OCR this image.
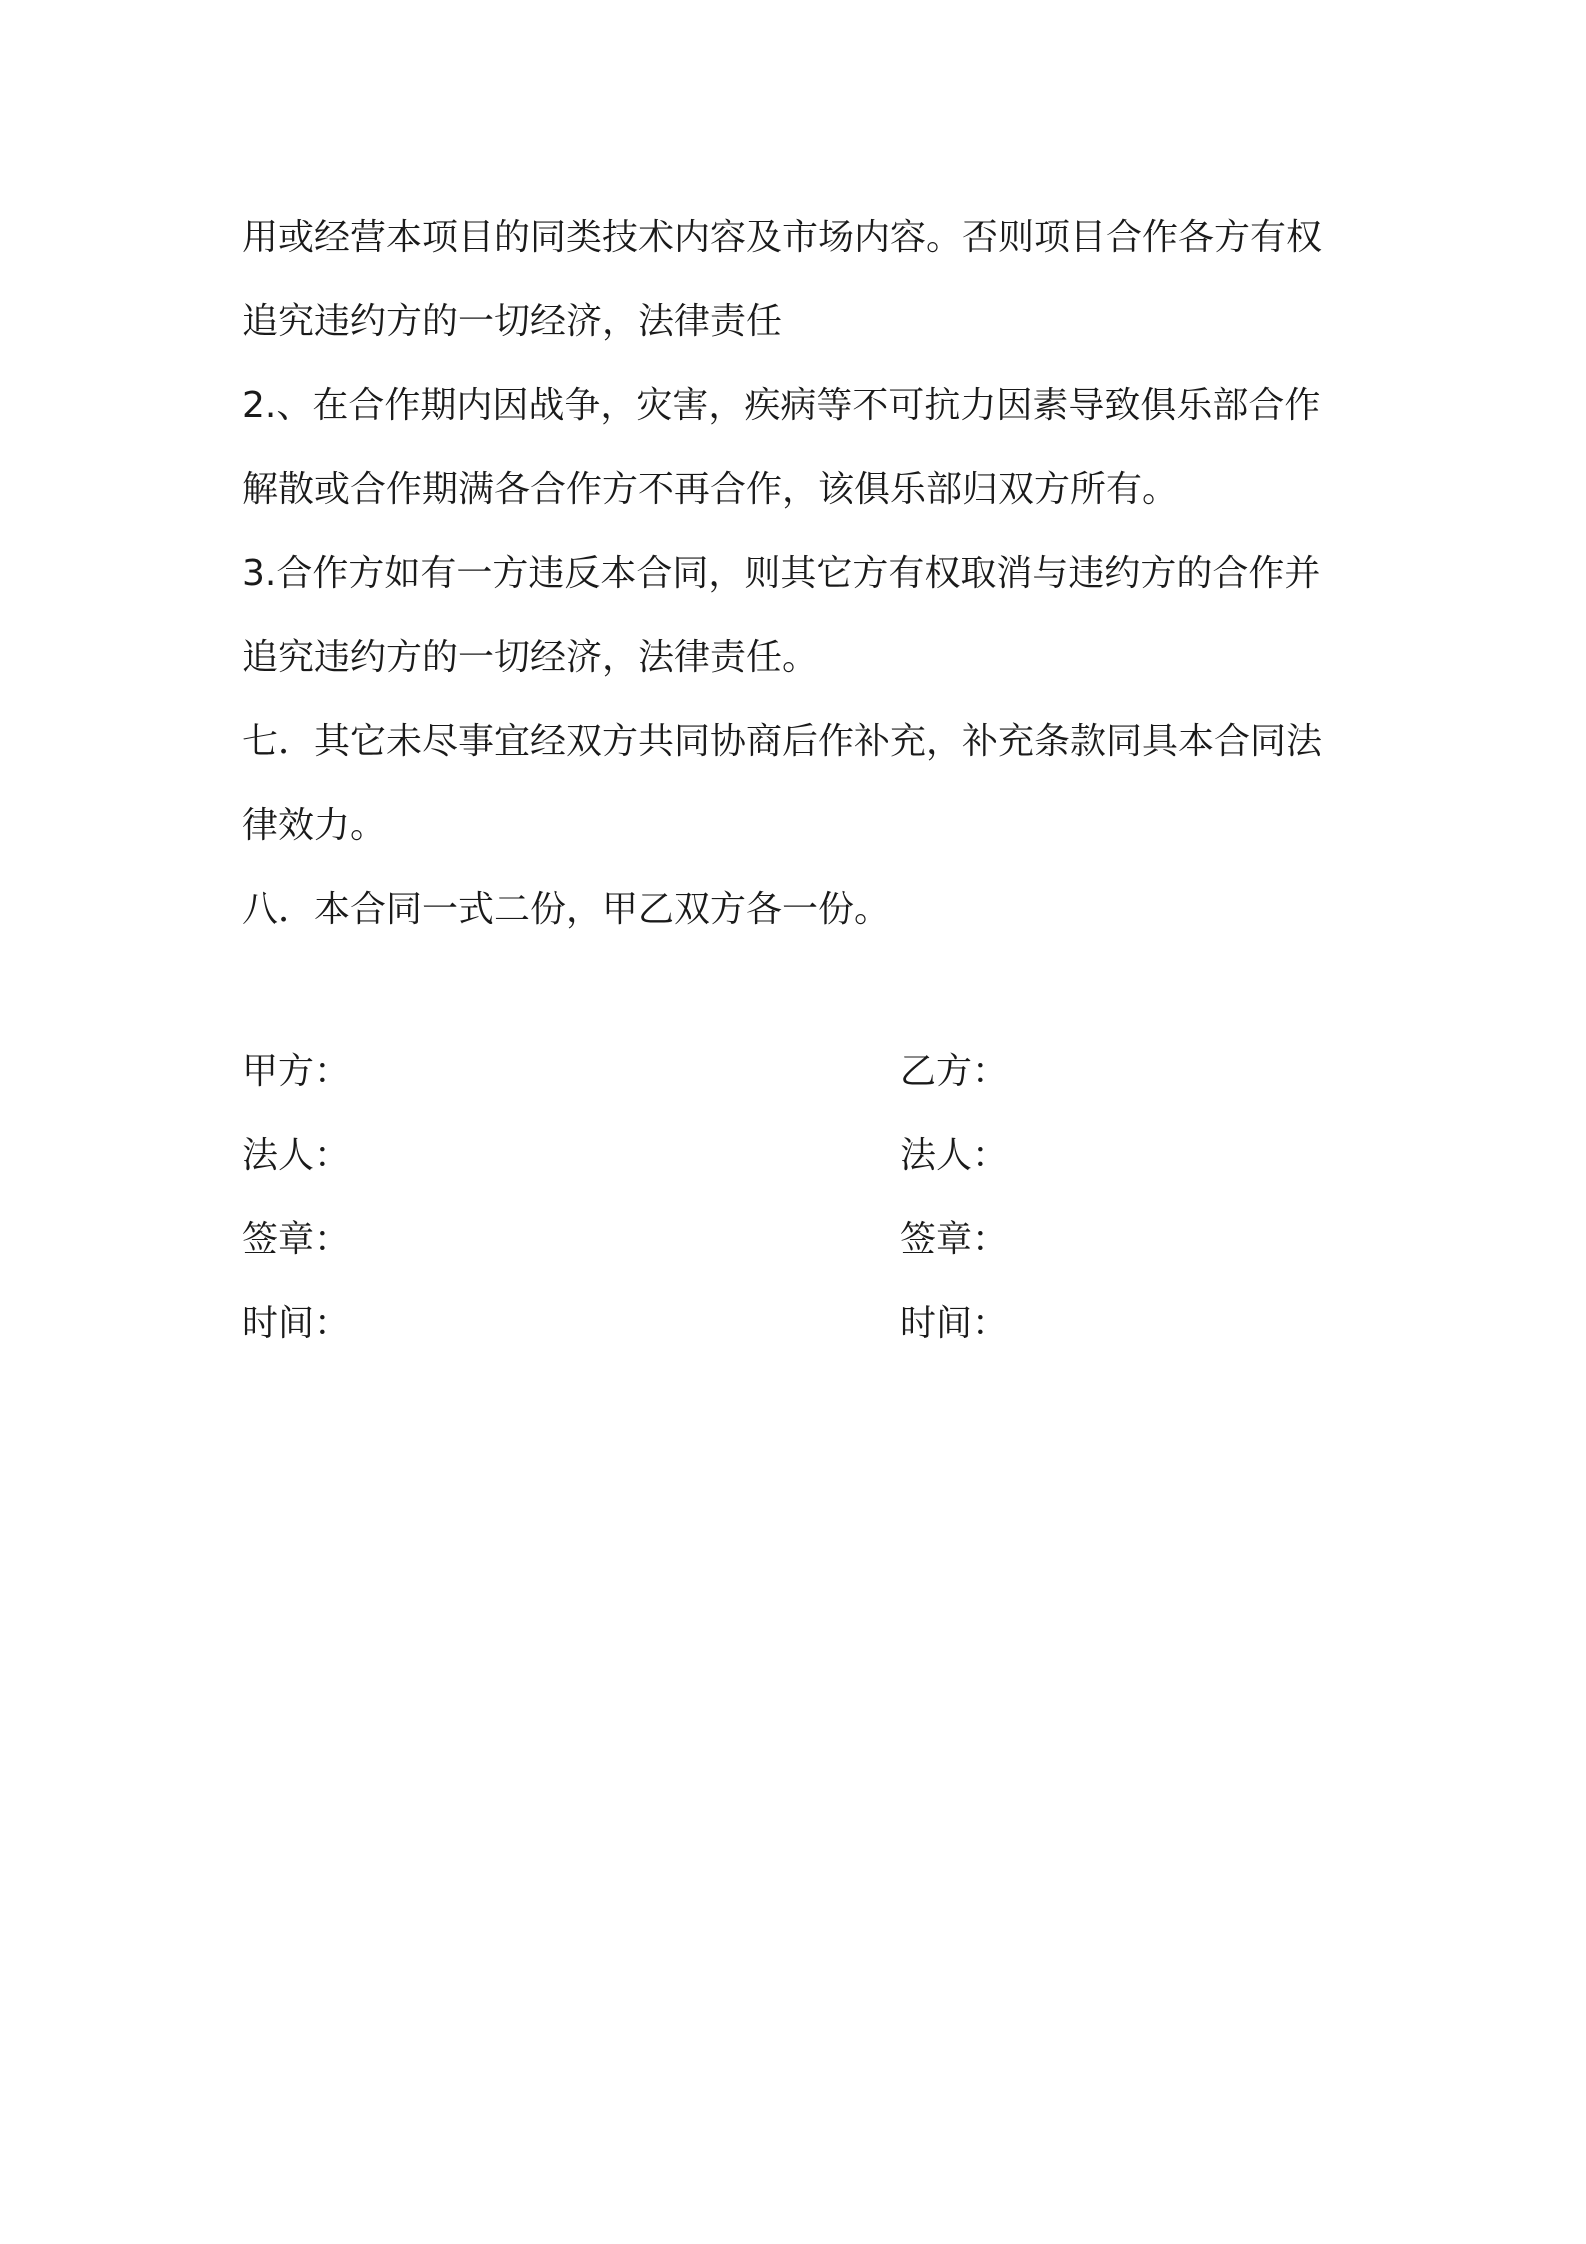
用或经营本项目的同类技术内容及市场内容。否则项目合作各方有权

追究违约方的一切经济，法律责任

2.、在合作期内因战争，灾害，疾病等不可抗力因素导致俱乐部合作

解散或合作期满各合作方不再合作，该俱乐部归双方所有。

3.合作方如有一方违反本合同，则其它方有权取消与违约方的合作并

追究违约方的一切经济，法律责任。

七．其它未尽事宜经双方共同协商后作补充，补充条款同具本合同法

律效力。

八．本合同一式二份，甲乙双方各一份。

甲方：	乙方：
法人：	法人：
签章：	签章：
时间：	时间：
